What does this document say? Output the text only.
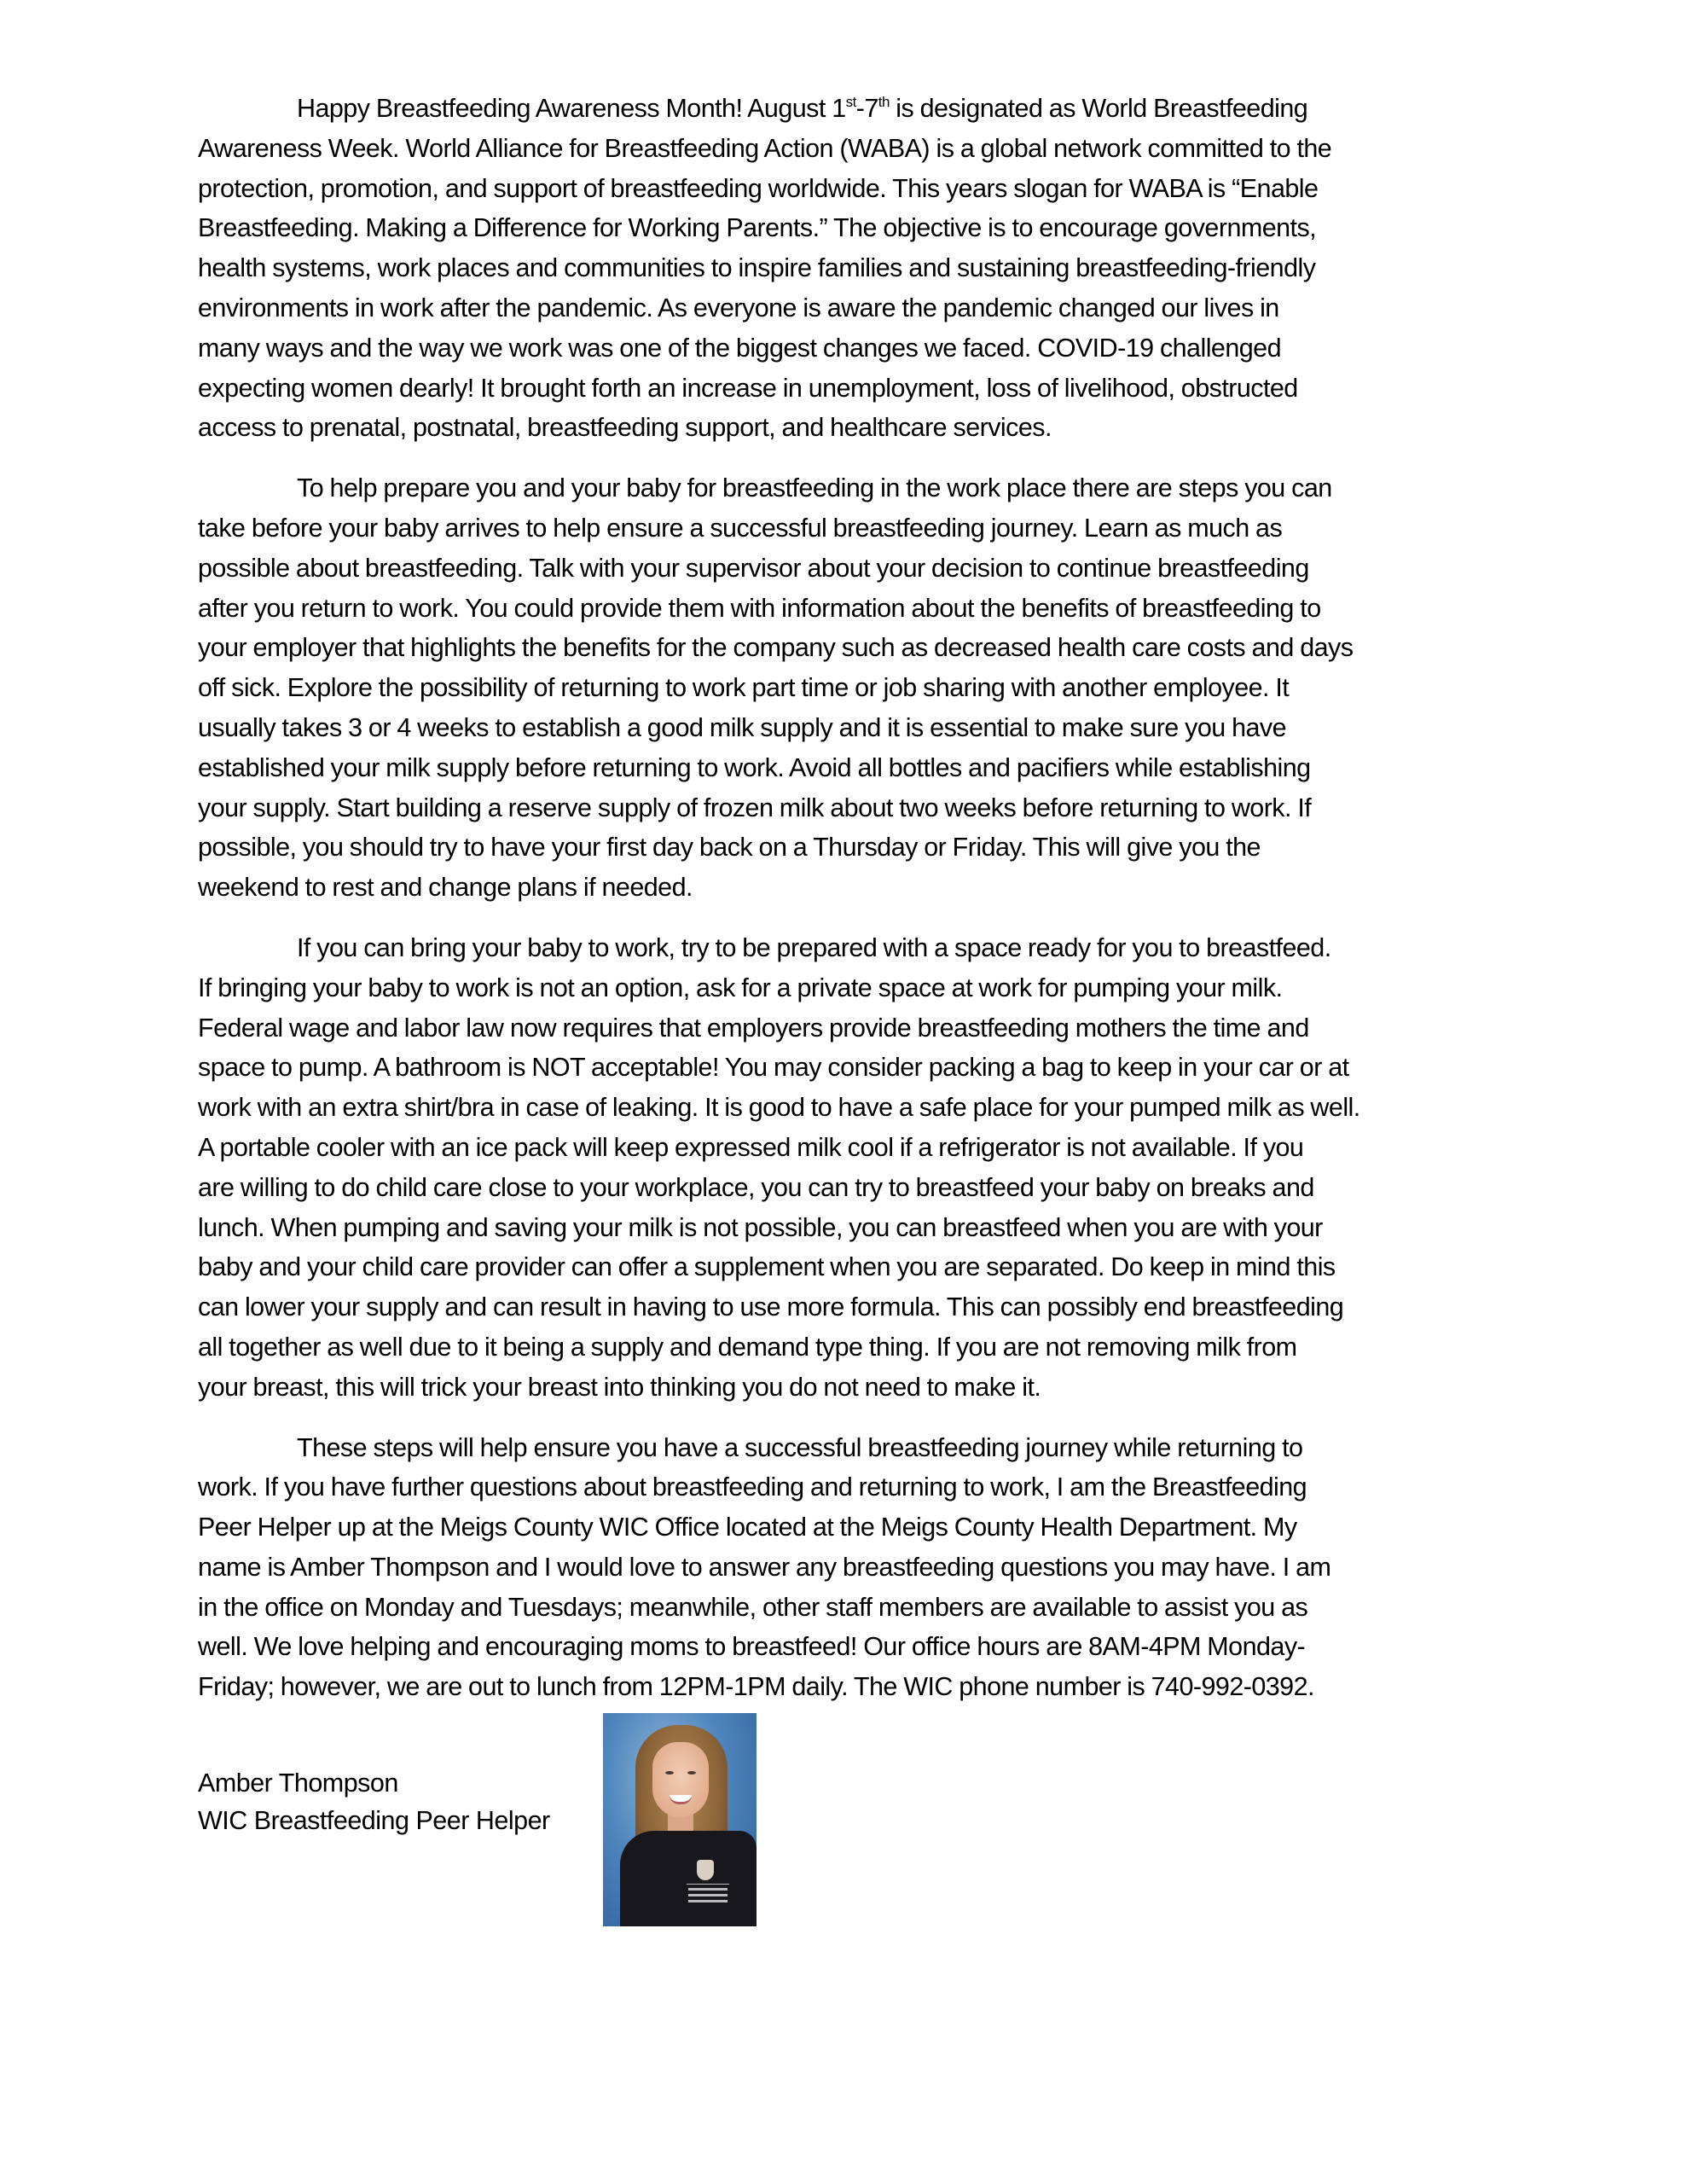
Happy Breastfeeding Awareness Month! August 1st-7th is designated as World Breastfeeding
Awareness Week. World Alliance for Breastfeeding Action (WABA) is a global network committed to the
protection, promotion, and support of breastfeeding worldwide. This years slogan for WABA is “Enable
Breastfeeding. Making a Difference for Working Parents.” The objective is to encourage governments,
health systems, work places and communities to inspire families and sustaining breastfeeding-friendly
environments in work after the pandemic. As everyone is aware the pandemic changed our lives in
many ways and the way we work was one of the biggest changes we faced. COVID-19 challenged
expecting women dearly! It brought forth an increase in unemployment, loss of livelihood, obstructed
access to prenatal, postnatal, breastfeeding support, and healthcare services.

To help prepare you and your baby for breastfeeding in the work place there are steps you can
take before your baby arrives to help ensure a successful breastfeeding journey. Learn as much as
possible about breastfeeding. Talk with your supervisor about your decision to continue breastfeeding
after you return to work. You could provide them with information about the benefits of breastfeeding to
your employer that highlights the benefits for the company such as decreased health care costs and days
off sick. Explore the possibility of returning to work part time or job sharing with another employee. It
usually takes 3 or 4 weeks to establish a good milk supply and it is essential to make sure you have
established your milk supply before returning to work. Avoid all bottles and pacifiers while establishing
your supply. Start building a reserve supply of frozen milk about two weeks before returning to work. If
possible, you should try to have your first day back on a Thursday or Friday. This will give you the
weekend to rest and change plans if needed.

If you can bring your baby to work, try to be prepared with a space ready for you to breastfeed.
If bringing your baby to work is not an option, ask for a private space at work for pumping your milk.
Federal wage and labor law now requires that employers provide breastfeeding mothers the time and
space to pump. A bathroom is NOT acceptable! You may consider packing a bag to keep in your car or at
work with an extra shirt/bra in case of leaking. It is good to have a safe place for your pumped milk as well.
A portable cooler with an ice pack will keep expressed milk cool if a refrigerator is not available. If you
are willing to do child care close to your workplace, you can try to breastfeed your baby on breaks and
lunch. When pumping and saving your milk is not possible, you can breastfeed when you are with your
baby and your child care provider can offer a supplement when you are separated. Do keep in mind this
can lower your supply and can result in having to use more formula. This can possibly end breastfeeding
all together as well due to it being a supply and demand type thing. If you are not removing milk from
your breast, this will trick your breast into thinking you do not need to make it.

These steps will help ensure you have a successful breastfeeding journey while returning to
work. If you have further questions about breastfeeding and returning to work, I am the Breastfeeding
Peer Helper up at the Meigs County WIC Office located at the Meigs County Health Department. My
name is Amber Thompson and I would love to answer any breastfeeding questions you may have. I am
in the office on Monday and Tuesdays; meanwhile, other staff members are available to assist you as
well. We love helping and encouraging moms to breastfeed! Our office hours are 8AM-4PM Monday-
Friday; however, we are out to lunch from 12PM-1PM daily. The WIC phone number is 740-992-0392.

Amber Thompson
WIC Breastfeeding Peer Helper
